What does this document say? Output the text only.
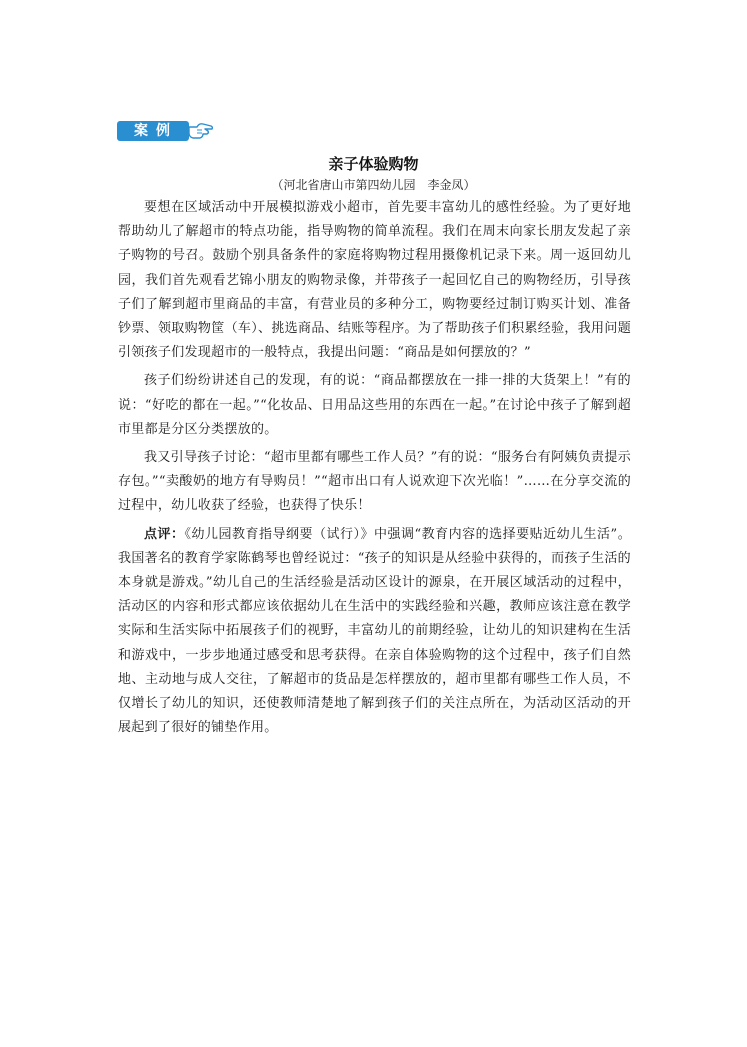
案例
亲子体验购物
（河北省唐山市第四幼儿园　李金凤）

要想在区域活动中开展模拟游戏小超市，首先要丰富幼儿的感性经验。为了更好地帮助幼儿了解超市的特点功能，指导购物的简单流程。我们在周末向家长朋友发起了亲子购物的号召。鼓励个别具备条件的家庭将购物过程用摄像机记录下来。周一返回幼儿园，我们首先观看艺锦小朋友的购物录像，并带孩子一起回忆自己的购物经历，引导孩子们了解到超市里商品的丰富，有营业员的多种分工，购物要经过制订购买计划、准备钞票、领取购物筐（车）、挑选商品、结账等程序。为了帮助孩子们积累经验，我用问题引领孩子们发现超市的一般特点，我提出问题：“商品是如何摆放的？”

孩子们纷纷讲述自己的发现，有的说：“商品都摆放在一排一排的大货架上！”有的说：“好吃的都在一起。”“化妆品、日用品这些用的东西在一起。”在讨论中孩子了解到超市里都是分区分类摆放的。

我又引导孩子讨论：“超市里都有哪些工作人员？”有的说：“服务台有阿姨负责提示存包。”“卖酸奶的地方有导购员！”“超市出口有人说欢迎下次光临！”……在分享交流的过程中，幼儿收获了经验，也获得了快乐！

点评：《幼儿园教育指导纲要（试行）》中强调“教育内容的选择要贴近幼儿生活”。我国著名的教育学家陈鹤琴也曾经说过：“孩子的知识是从经验中获得的，而孩子生活的本身就是游戏。”幼儿自己的生活经验是活动区设计的源泉，在开展区域活动的过程中，活动区的内容和形式都应该依据幼儿在生活中的实践经验和兴趣，教师应该注意在教学实际和生活实际中拓展孩子们的视野，丰富幼儿的前期经验，让幼儿的知识建构在生活和游戏中，一步步地通过感受和思考获得。在亲自体验购物的这个过程中，孩子们自然地、主动地与成人交往，了解超市的货品是怎样摆放的，超市里都有哪些工作人员，不仅增长了幼儿的知识，还使教师清楚地了解到孩子们的关注点所在，为活动区活动的开展起到了很好的铺垫作用。
